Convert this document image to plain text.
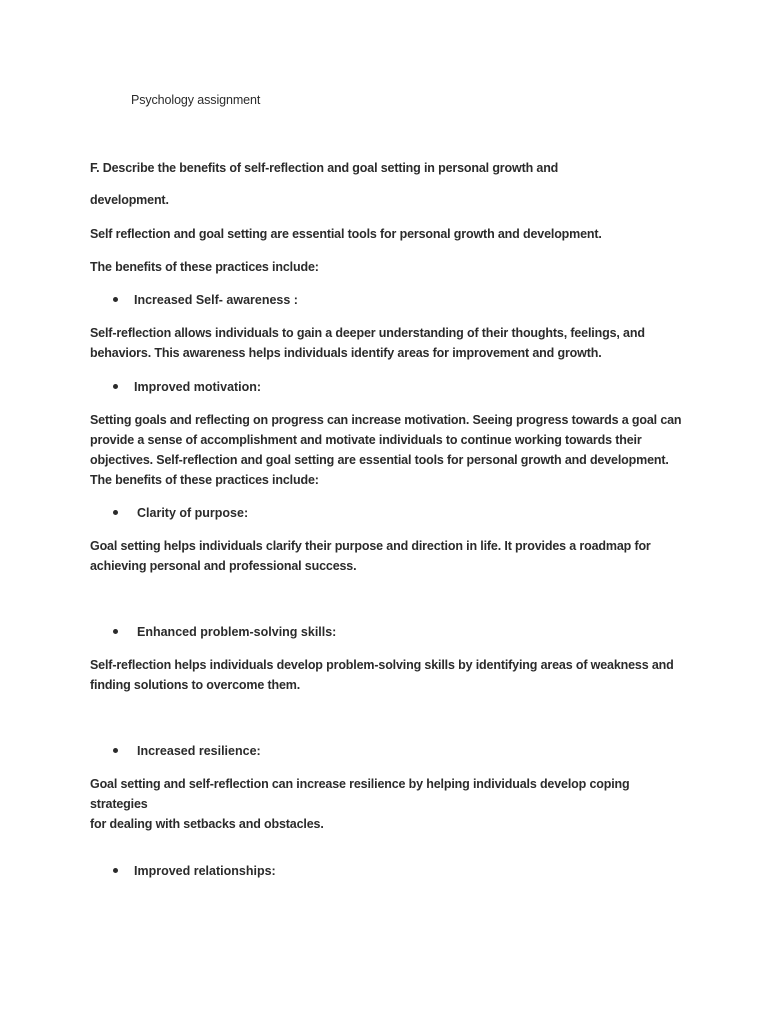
Psychology assignment
F. Describe the benefits of self-reflection and goal setting in personal growth and
development.
Self reflection and goal setting are essential tools for personal growth and development.
The benefits of these practices include:
Increased Self- awareness :
Self-reflection allows individuals to gain a deeper understanding of their thoughts, feelings, and
behaviors. This awareness helps individuals identify areas for improvement and growth.
Improved motivation:
Setting goals and reflecting on progress can increase motivation. Seeing progress towards a goal can
provide a sense of accomplishment and motivate individuals to continue working towards their
objectives. Self-reflection and goal setting are essential tools for personal growth and development.
The benefits of these practices include:
Clarity of purpose:
Goal setting helps individuals clarify their purpose and direction in life. It provides a roadmap for
achieving personal and professional success.
Enhanced problem-solving skills:
Self-reflection helps individuals develop problem-solving skills by identifying areas of weakness and
finding solutions to overcome them.
Increased resilience:
Goal setting and self-reflection can increase resilience by helping individuals develop coping strategies
for dealing with setbacks and obstacles.
Improved relationships:
